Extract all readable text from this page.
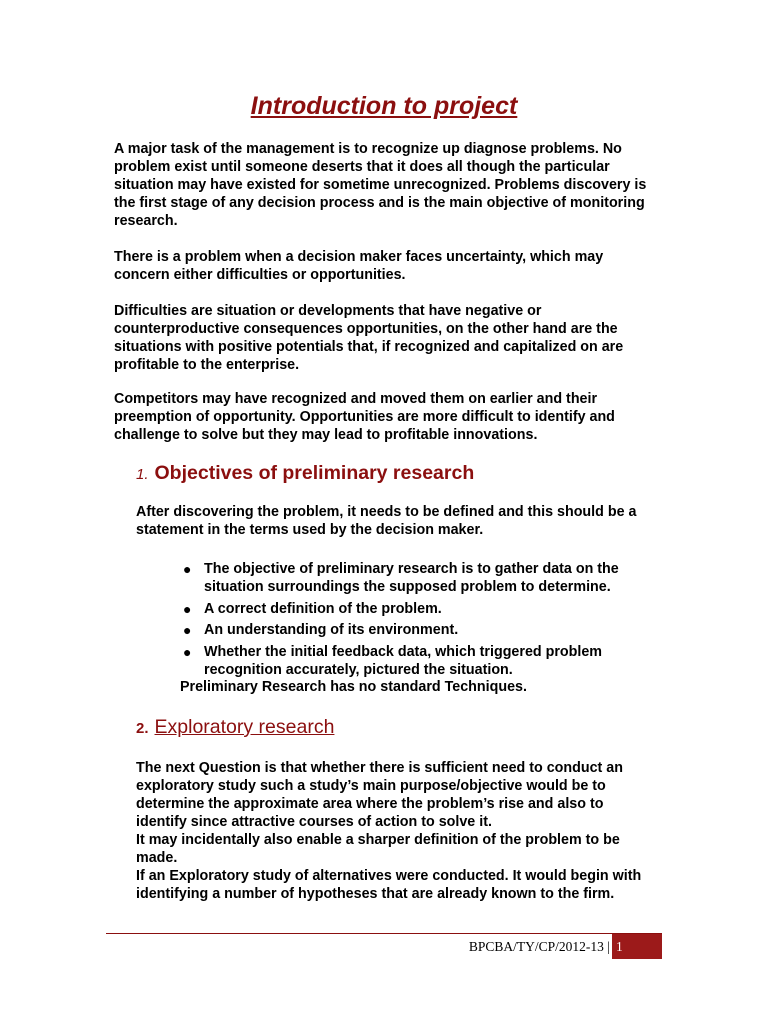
Introduction to project

A major task of the management is to recognize up diagnose problems. No problem exist until someone deserts that it does all though the particular situation may have existed for sometime unrecognized. Problems discovery is the first stage of any decision process and is the main objective of monitoring research.

There is a problem when a decision maker faces uncertainty, which may concern either difficulties or opportunities.

Difficulties are situation or developments that have negative or counterproductive consequences opportunities, on the other hand are the situations with positive potentials that, if recognized and capitalized on are profitable to the enterprise.

Competitors may have recognized and moved them on earlier and their preemption of opportunity. Opportunities are more difficult to identify and challenge to solve but they may lead to profitable innovations.

1. Objectives of preliminary research

After discovering the problem, it needs to be defined and this should be a statement in the terms used by the decision maker.

● The objective of preliminary research is to gather data on the situation surroundings the supposed problem to determine.
● A correct definition of the problem.
● An understanding of its environment.
● Whether the initial feedback data, which triggered problem recognition accurately, pictured the situation.
Preliminary Research has no standard Techniques.
2. Exploratory research

The next Question is that whether there is sufficient need to conduct an exploratory study such a study’s main purpose/objective would be to determine the approximate area where the problem’s rise and also to identify since attractive courses of action to solve it.

It may incidentally also enable a sharper definition of the problem to be made.

If an Exploratory study of alternatives were conducted. It would begin with identifying a number of hypotheses that are already known to the firm.

BPCBA/TY/CP/2012-13 | 1
